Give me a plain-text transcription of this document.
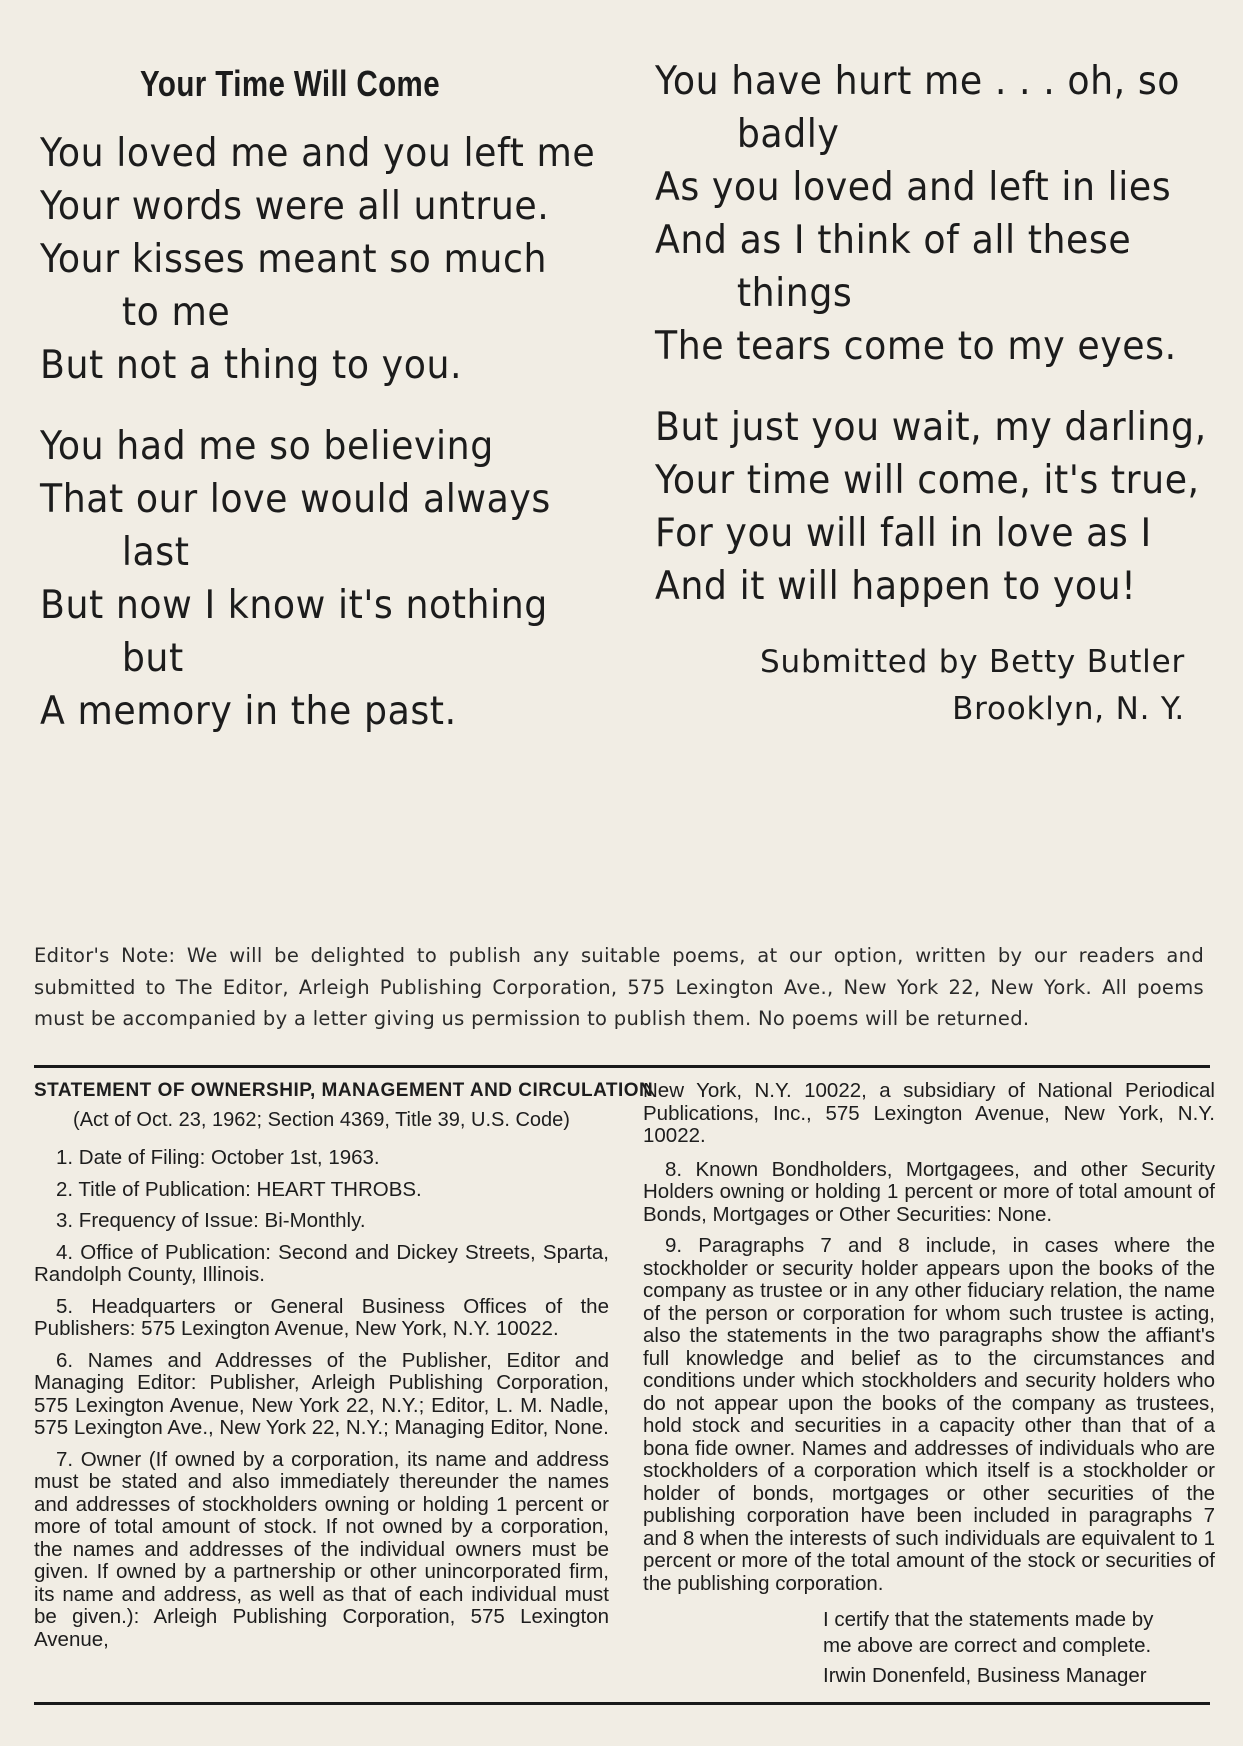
Your Time Will Come
You loved me and you left me
Your words were all untrue.
Your kisses meant so much
to me
But not a thing to you.
You had me so believing
That our love would always
last
But now I know it's nothing
but
A memory in the past.
You have hurt me . . . oh, so
badly
As you loved and left in lies
And as I think of all these
things
The tears come to my eyes.
But just you wait, my darling,
Your time will come, it's true,
For you will fall in love as I
And it will happen to you!
Submitted by Betty Butler
Brooklyn, N. Y.
Editor's Note: We will be delighted to publish any suitable poems, at our option, written by our readers and submitted to The Editor, Arleigh Publishing Corporation, 575 Lexington Ave., New York 22, New York. All poems must be accompanied by a letter giving us permission to publish them. No poems will be returned.
STATEMENT OF OWNERSHIP, MANAGEMENT AND CIRCULATION
(Act of Oct. 23, 1962; Section 4369, Title 39, U.S. Code)

1. Date of Filing: October 1st, 1963.

2. Title of Publication: HEART THROBS.

3. Frequency of Issue: Bi-Monthly.

4. Office of Publication: Second and Dickey Streets, Sparta, Randolph County, Illinois.

5. Headquarters or General Business Offices of the Publishers: 575 Lexington Avenue, New York, N.Y. 10022.

6. Names and Addresses of the Publisher, Editor and Managing Editor: Publisher, Arleigh Publishing Corporation, 575 Lexington Avenue, New York 22, N.Y.; Editor, L. M. Nadle, 575 Lexington Ave., New York 22, N.Y.; Managing Editor, None.

7. Owner (If owned by a corporation, its name and address must be stated and also immediately thereunder the names and addresses of stockholders owning or holding 1 percent or more of total amount of stock. If not owned by a corporation, the names and addresses of the individual owners must be given. If owned by a partnership or other unincorporated firm, its name and address, as well as that of each individual must be given.): Arleigh Publishing Corporation, 575 Lexington Avenue,

New York, N.Y. 10022, a subsidiary of National Periodical Publications, Inc., 575 Lexington Avenue, New York, N.Y. 10022.

8. Known Bondholders, Mortgagees, and other Security Holders owning or holding 1 percent or more of total amount of Bonds, Mortgages or Other Securities: None.

9. Paragraphs 7 and 8 include, in cases where the stockholder or security holder appears upon the books of the company as trustee or in any other fiduciary relation, the name of the person or corporation for whom such trustee is acting, also the statements in the two paragraphs show the affiant's full knowledge and belief as to the circumstances and conditions under which stockholders and security holders who do not appear upon the books of the company as trustees, hold stock and securities in a capacity other than that of a bona fide owner. Names and addresses of individuals who are stockholders of a corporation which itself is a stockholder or holder of bonds, mortgages or other securities of the publishing corporation have been included in paragraphs 7 and 8 when the interests of such individuals are equivalent to 1 percent or more of the total amount of the stock or securities of the publishing corporation.

I certify that the statements made by
me above are correct and complete.
Irwin Donenfeld, Business Manager
